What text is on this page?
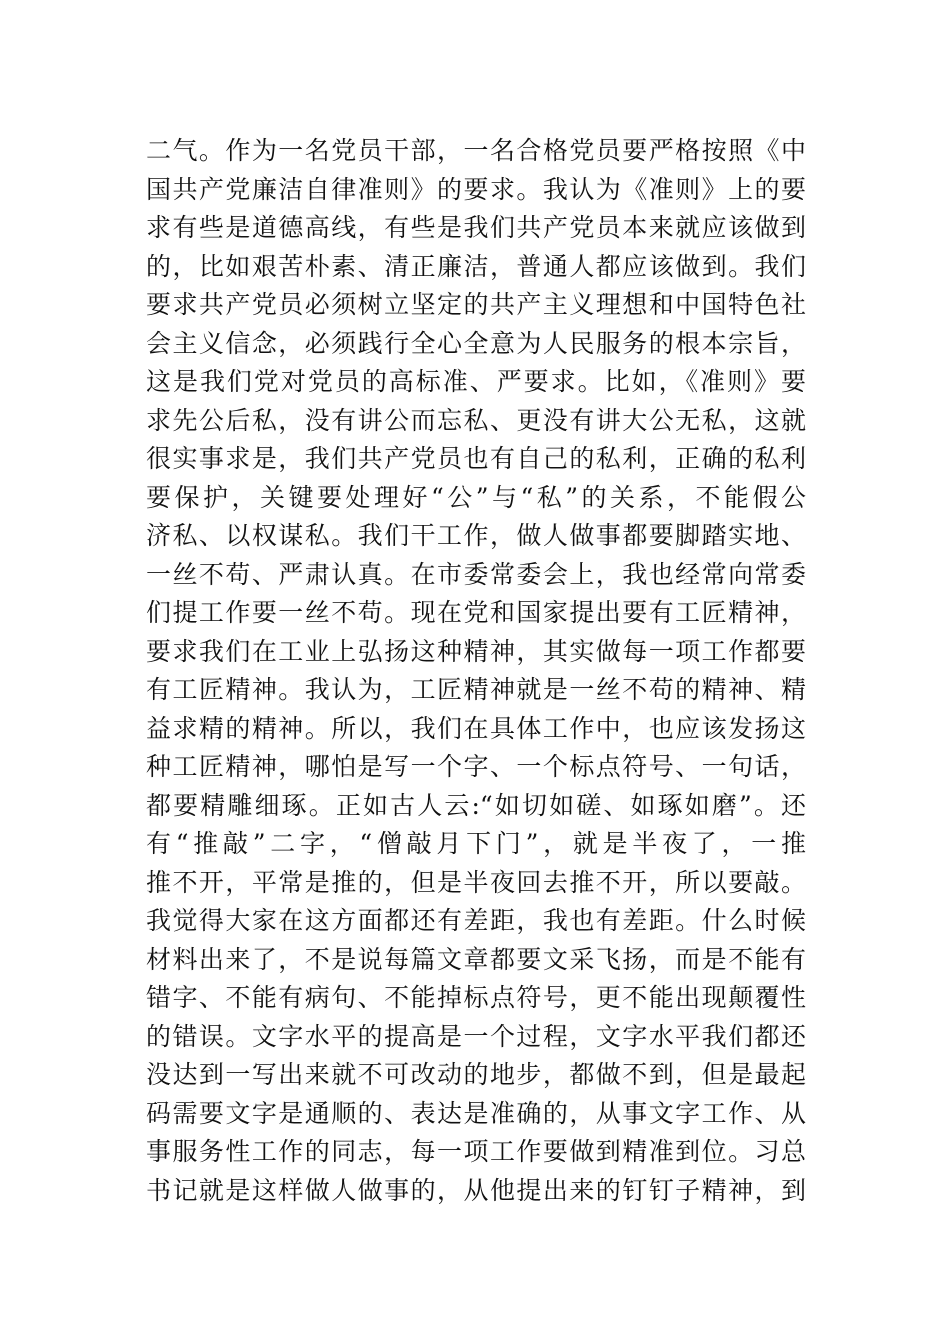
二气。作为一名党员干部，一名合格党员要严格按照《中
国共产党廉洁自律准则》的要求。我认为《准则》上的要
求有些是道德高线，有些是我们共产党员本来就应该做到
的，比如艰苦朴素、清正廉洁，普通人都应该做到。我们
要求共产党员必须树立坚定的共产主义理想和中国特色社
会主义信念，必须践行全心全意为人民服务的根本宗旨，
这是我们党对党员的高标准、严要求。比如，《准则》要
求先公后私，没有讲公而忘私、更没有讲大公无私，这就
很实事求是，我们共产党员也有自己的私利，正确的私利
要保护，关键要处理好“公”与“私”的关系，不能假公
济私、以权谋私。我们干工作，做人做事都要脚踏实地、
一丝不苟、严肃认真。在市委常委会上，我也经常向常委
们提工作要一丝不苟。现在党和国家提出要有工匠精神，
要求我们在工业上弘扬这种精神，其实做每一项工作都要
有工匠精神。我认为，工匠精神就是一丝不苟的精神、精
益求精的精神。所以，我们在具体工作中，也应该发扬这
种工匠精神，哪怕是写一个字、一个标点符号、一句话，
都要精雕细琢。正如古人云:“如切如磋、如琢如磨”。还
有“推敲”二字，“僧敲月下门”，就是半夜了，一推
推不开，平常是推的，但是半夜回去推不开，所以要敲。
我觉得大家在这方面都还有差距，我也有差距。什么时候
材料出来了，不是说每篇文章都要文采飞扬，而是不能有
错字、不能有病句、不能掉标点符号，更不能出现颠覆性
的错误。文字水平的提高是一个过程，文字水平我们都还
没达到一写出来就不可改动的地步，都做不到，但是最起
码需要文字是通顺的、表达是准确的，从事文字工作、从
事服务性工作的同志，每一项工作要做到精准到位。习总
书记就是这样做人做事的，从他提出来的钉钉子精神，到
